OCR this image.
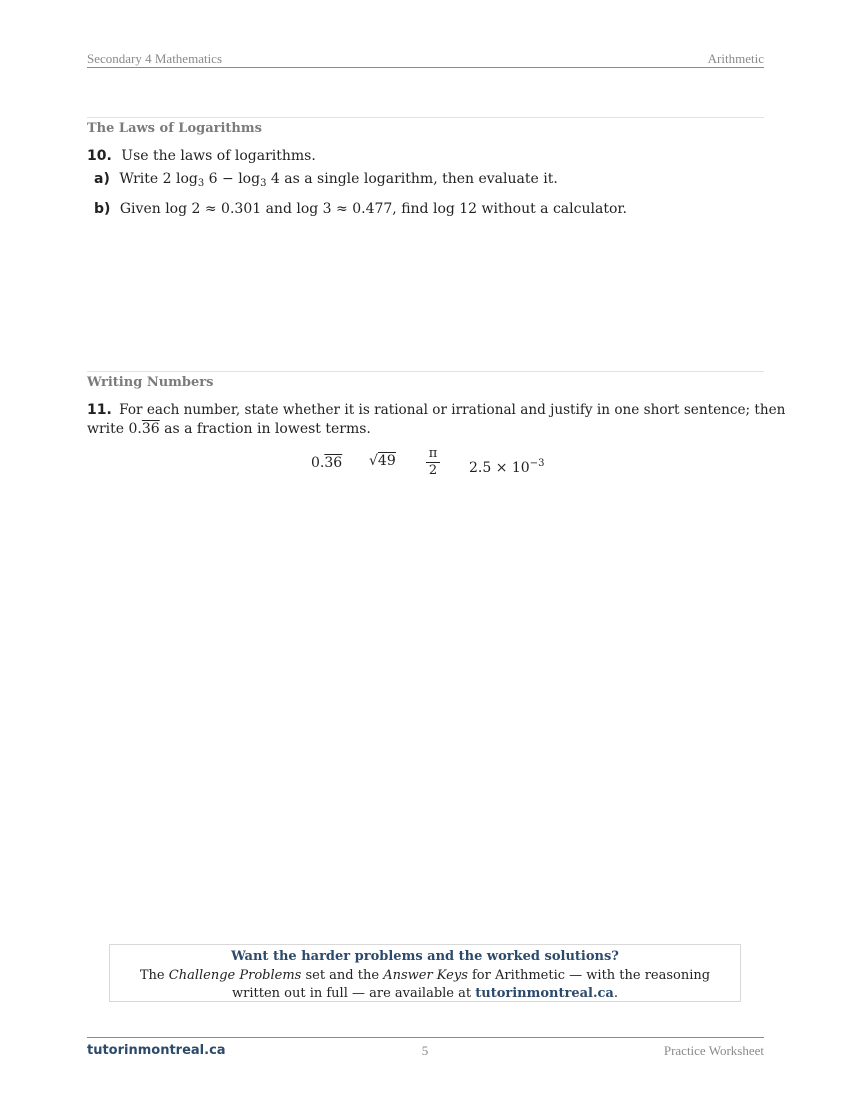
Secondary 4 Mathematics	Arithmetic
The Laws of Logarithms
10. Use the laws of logarithms.
a) Write 2 $\log_3 6 - \log_3 4$ as a single logarithm, then evaluate it.
b) Given log 2 ≈ 0.301 and log 3 ≈ 0.477, find log 12 without a calculator.
Writing Numbers
11. For each number, state whether it is rational or irrational and justify in one short sentence; then
write 0.36 as a fraction in lowest terms.
0.36 $√49 \frac{\pi}{2} 2.5 \times 10^{-3}$
Want the harder problems and the worked solutions?
The Challenge Problems set and the Answer Keys for Arithmetic — with the reasoning written out in full — are available at tutorinmontreal.ca.
tutorinmontreal.ca	5	Practice Worksheet
